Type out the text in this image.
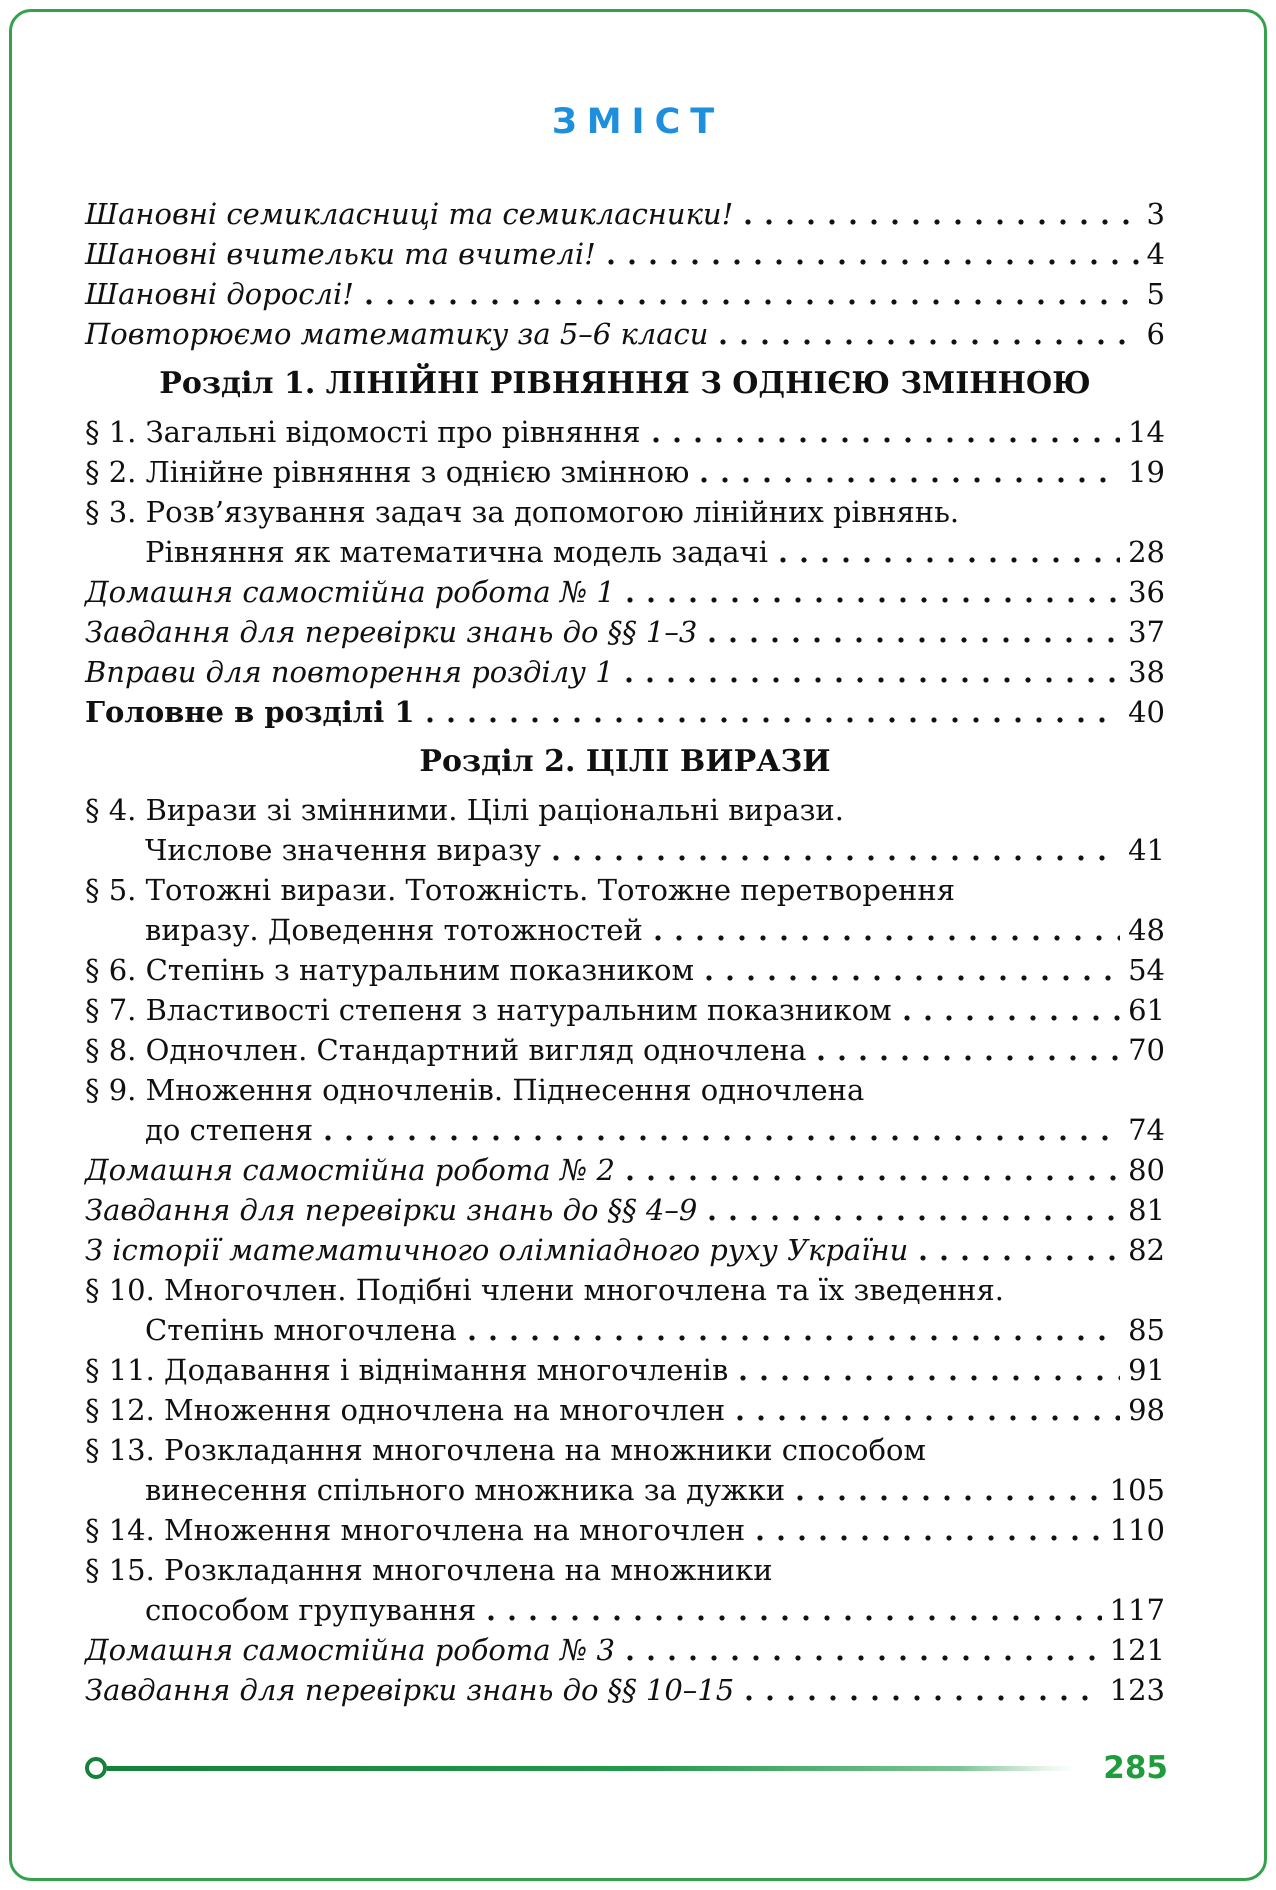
ЗМІСТ
Шановні семикласниці та семикласники!	3
Шановні вчительки та вчителі!	4
Шановні дорослі!	5
Повторюємо математику за 5–6 класи	6
Розділ 1. ЛІНІЙНІ РІВНЯННЯ З ОДНІЄЮ ЗМІННОЮ
§ 1. Загальні відомості про рівняння	14
§ 2. Лінійне рівняння з однією змінною	19
§ 3. Розв’язування задач за допомогою лінійних рівнянь.
Рівняння як математична модель задачі	28
Домашня самостійна робота № 1	36
Завдання для перевірки знань до §§ 1–3	37
Вправи для повторення розділу 1	38
Головне в розділі 1	40
Розділ 2. ЦІЛІ ВИРАЗИ
§ 4. Вирази зі змінними. Цілі раціональні вирази.
Числове значення виразу	41
§ 5. Тотожні вирази. Тотожність. Тотожне перетворення
виразу. Доведення тотожностей	48
§ 6. Степінь з натуральним показником	54
§ 7. Властивості степеня з натуральним показником	61
§ 8. Одночлен. Стандартний вигляд одночлена	70
§ 9. Множення одночленів. Піднесення одночлена
до степеня	74
Домашня самостійна робота № 2	80
Завдання для перевірки знань до §§ 4–9	81
З історії математичного олімпіадного руху України	82
§ 10. Многочлен. Подібні члени многочлена та їх зведення.
Степінь многочлена	85
§ 11. Додавання і віднімання многочленів	91
§ 12. Множення одночлена на многочлен	98
§ 13. Розкладання многочлена на множники способом
винесення спільного множника за дужки	105
§ 14. Множення многочлена на многочлен	110
§ 15. Розкладання многочлена на множники
способом групування	117
Домашня самостійна робота № 3	121
Завдання для перевірки знань до §§ 10–15	123
285
